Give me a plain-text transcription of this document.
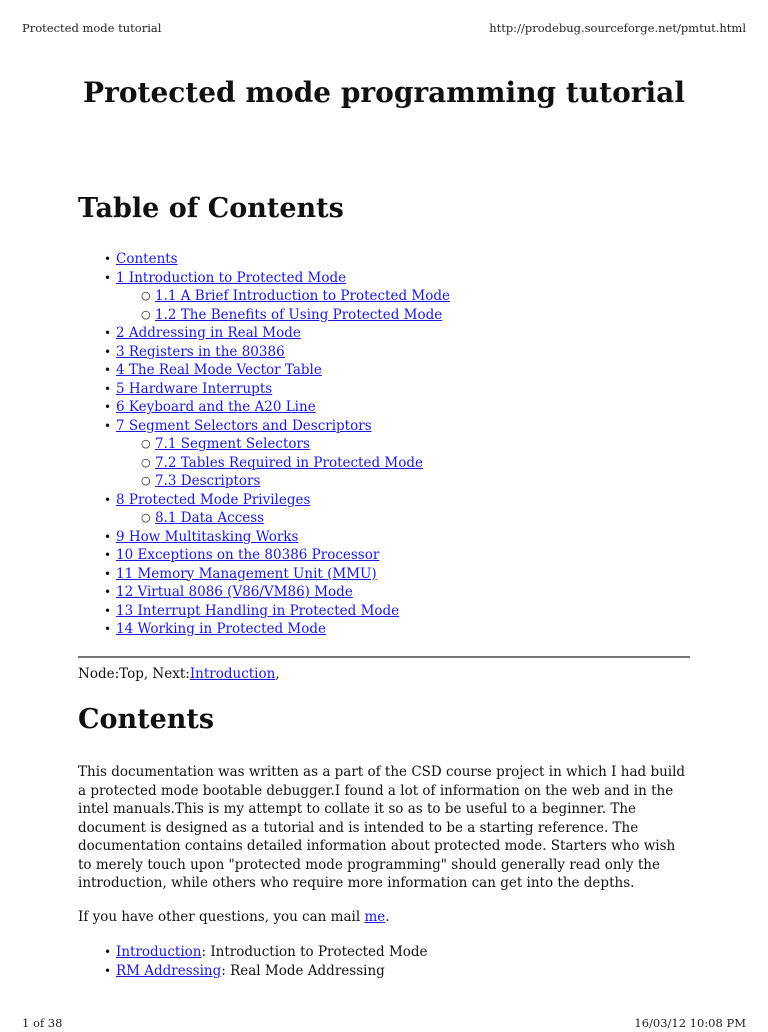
Protected mode tutorial	http://prodebug.sourceforge.net/pmtut.html
Protected mode programming tutorial
Table of Contents
• Contents
• 1 Introduction to Protected Mode
○ 1.1 A Brief Introduction to Protected Mode
○ 1.2 The Benefits of Using Protected Mode
• 2 Addressing in Real Mode
• 3 Registers in the 80386
• 4 The Real Mode Vector Table
• 5 Hardware Interrupts
• 6 Keyboard and the A20 Line
• 7 Segment Selectors and Descriptors
○ 7.1 Segment Selectors
○ 7.2 Tables Required in Protected Mode
○ 7.3 Descriptors
• 8 Protected Mode Privileges
○ 8.1 Data Access
• 9 How Multitasking Works
• 10 Exceptions on the 80386 Processor
• 11 Memory Management Unit (MMU)
• 12 Virtual 8086 (V86/VM86) Mode
• 13 Interrupt Handling in Protected Mode
• 14 Working in Protected Mode
Node:Top, Next:Introduction,
Contents

This documentation was written as a part of the CSD course project in which I had build a protected mode bootable debugger.I found a lot of information on the web and in the intel manuals.This is my attempt to collate it so as to be useful to a beginner. The document is designed as a tutorial and is intended to be a starting reference. The documentation contains detailed information about protected mode. Starters who wish to merely touch upon "protected mode programming" should generally read only the introduction, while others who require more information can get into the depths.

If you have other questions, you can mail me.

• Introduction: Introduction to Protected Mode
• RM Addressing: Real Mode Addressing
1 of 38	16/03/12 10:08 PM
